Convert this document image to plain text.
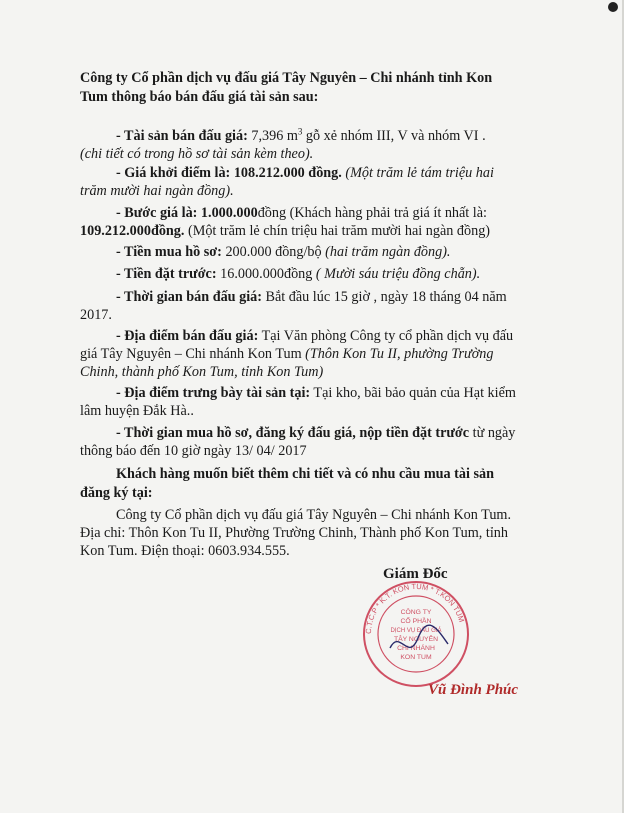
Công ty Cổ phần dịch vụ đấu giá Tây Nguyên – Chi nhánh tỉnh Kon
Tum thông báo bán đấu giá tài sản sau:
- Tài sản bán đấu giá: 7,396 $m^3$ gỗ xẻ nhóm III, V và nhóm VI .
(chi tiết có trong hồ sơ tài sản kèm theo).
- Giá khởi điểm là: 108.212.000 đồng. (Một trăm lẻ tám triệu hai
trăm mười hai ngàn đồng).
- Bước giá là: 1.000.000đồng (Khách hàng phải trả giá ít nhất là:
109.212.000đồng. (Một trăm lẻ chín triệu hai trăm mười hai ngàn đồng)
- Tiền mua hồ sơ: 200.000 đồng/bộ (hai trăm ngàn đồng).
- Tiền đặt trước: 16.000.000đồng ( Mười sáu triệu đồng chẵn).
- Thời gian bán đấu giá: Bắt đầu lúc 15 giờ , ngày 18 tháng 04 năm
2017.
- Địa điểm bán đấu giá: Tại Văn phòng Công ty cổ phần dịch vụ đấu
giá Tây Nguyên – Chi nhánh Kon Tum (Thôn Kon Tu II, phường Trường
Chinh, thành phố Kon Tum, tỉnh Kon Tum)
- Địa điểm trưng bày tài sản tại: Tại kho, bãi bảo quản của Hạt kiểm
lâm huyện Đắk Hà..
- Thời gian mua hồ sơ, đăng ký đấu giá, nộp tiền đặt trước từ ngày
thông báo đến 10 giờ ngày 13/ 04/ 2017
Khách hàng muốn biết thêm chi tiết và có nhu cầu mua tài sản
đăng ký tại:
Công ty Cổ phần dịch vụ đấu giá Tây Nguyên – Chi nhánh Kon Tum.
Địa chỉ: Thôn Kon Tu II, Phường Trường Chinh, Thành phố Kon Tum, tỉnh
Kon Tum. Điện thoại: 0603.934.555.
Giám Đốc
C.T.C.P * K.T. KON TUM * T.KON TUM
CÔNG TY
CỔ PHẦN
DỊCH VỤ ĐẤU GIÁ
TÂY NGUYÊN
CHI NHÁNH
KON TUM
Vũ Đình Phúc
